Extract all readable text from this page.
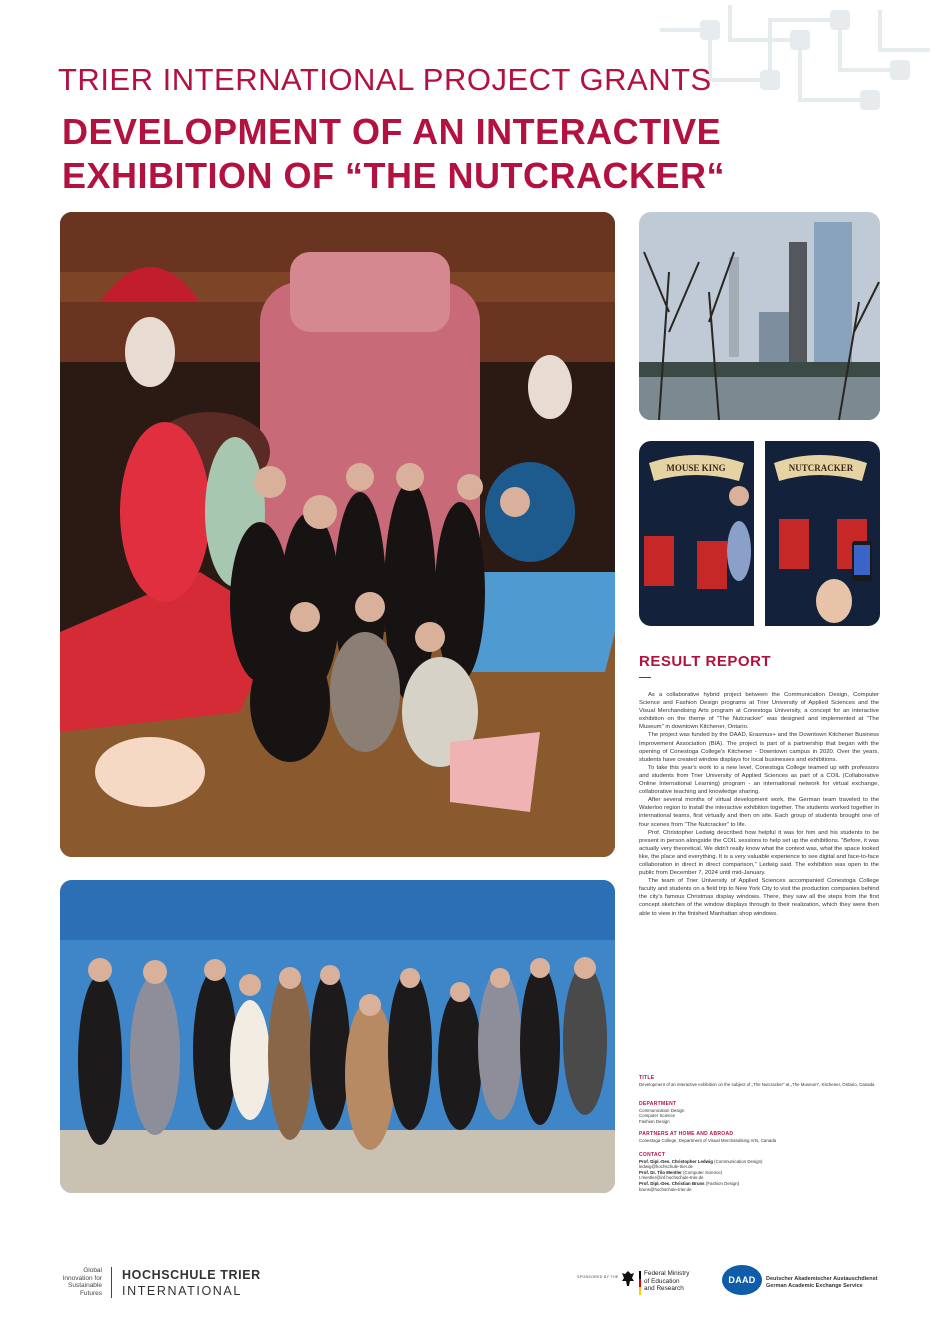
TRIER INTERNATIONAL PROJECT GRANTS
DEVELOPMENT OF AN INTERACTIVE EXHIBITION OF “THE NUTCRACKER“
MOUSE KING	NUTCRACKER
RESULT REPORT

As a collaborative hybrid project between the Communication Design, Computer Science and Fashion Design programs at Trier University of Applied Sciences and the Visual Merchandising Arts program at Conestoga University, a concept for an interactive exhibition on the theme of "The Nutcracker" was designed and implemented at "The Museum" in downtown Kitchener, Ontario.

The project was funded by the DAAD, Erasmus+ and the Downtown Kitchener Business Improvement Association (BIA). The project is part of a partnership that began with the opening of Conestoga College's Kitchener - Downtown campus in 2020. Over the years, students have created window displays for local businesses and exhibitions.

To take this year's work to a new level, Conestoga College teamed up with professors and students from Trier University of Applied Sciences as part of a COIL (Collaborative Online International Learning) program - an international network for virtual exchange, collaborative teaching and knowledge sharing.

After several months of virtual development work, the German team traveled to the Waterloo region to install the interactive exhibition together. The students worked together in international teams, first virtually and then on site. Each group of students brought one of four scenes from "The Nutcracker" to life.

Prof. Christopher Ledwig described how helpful it was for him and his students to be present in person alongside the COIL sessions to help set up the exhibitions. "Before, it was actually very theoretical. We didn't really know what the context was, what the space looked like, the place and everything. It is a very valuable experience to see digital and face-to-face collaboration in direct in direct comparison," Ledwig said. The exhibition was open to the public from December 7, 2024 until mid-January.

The team of Trier University of Applied Sciences accompanied Conestoga College faculty and students on a field trip to New York City to visit the production companies behind the city's famous Christmas display windows. There, they saw all the steps from the first concept sketches of the window displays through to their realization, which they were then able to view in the finished Manhattan shop windows.

TITLE
Development of an interactive exhibition on the subject of „The Nutcracker“ at „The Museum“, Kitchener, Ontario, Canada
DEPARTMENT
Communication Design
Computer Science
Fashion Design
PARTNERS AT HOME AND ABROAD
Conestoga College, Department of Visual Merchandising Arts, Canada
CONTACT
Prof. Dipl.-Des. Christopher Ledwig (Communication Design)
ledwig@hochschule-trier.de
Prof. Dr. Tilo Mentler (Computer Science)
t.mentler@inf.hochschule-trier.de
Prof. Dipl.-Des. Christian Bruns (Fashion Design)
bruns@hochschule-trier.de
Global Innovation for Sustainable Futures
HOCHSCHULE TRIER
INTERNATIONAL
SPONSORED BY THE	Federal Ministry
of Education
and Research
DAAD	Deutscher Akademischer Austauschdienst
German Academic Exchange Service
